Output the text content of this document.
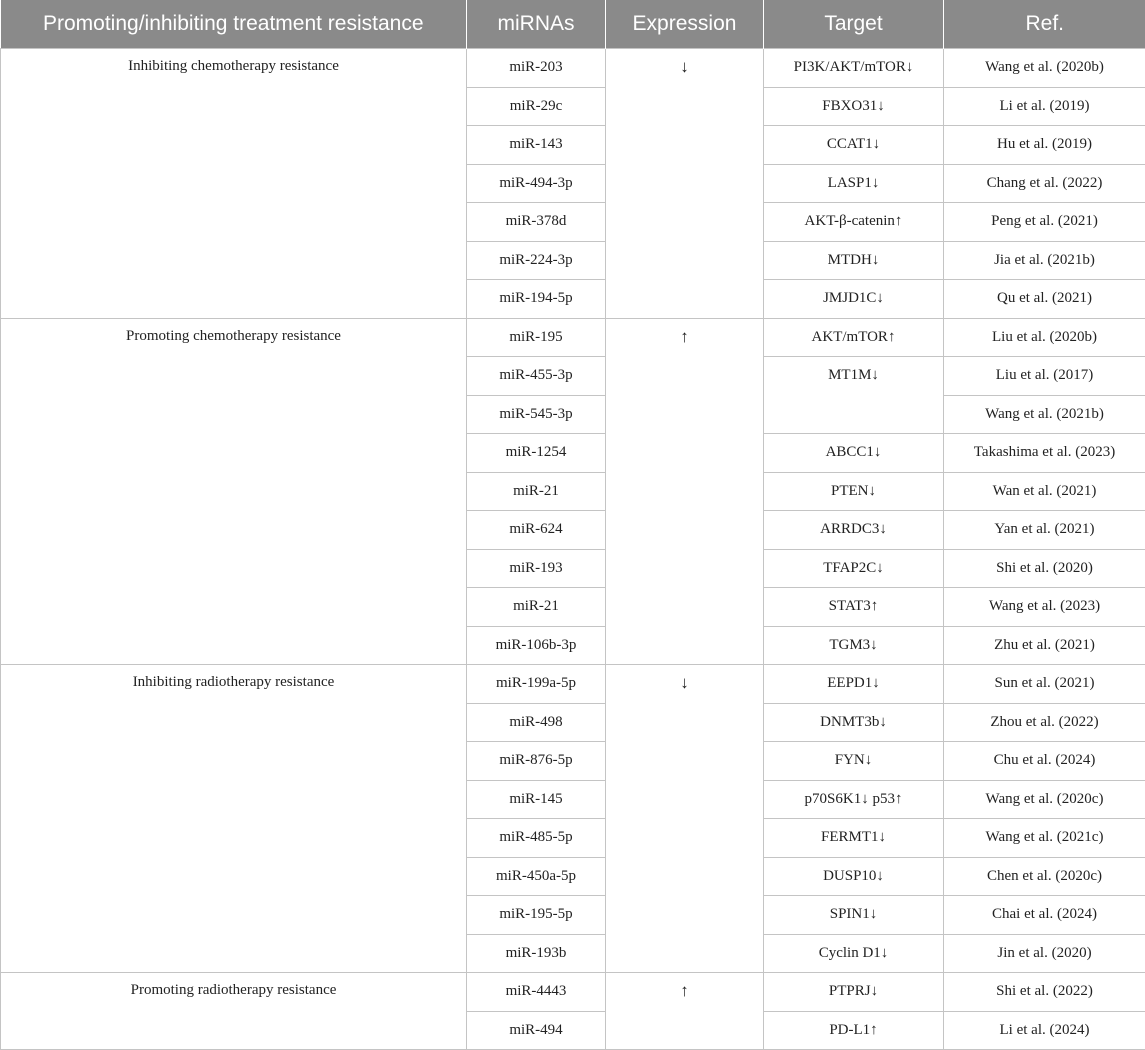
Promoting/inhibiting treatment resistance	miRNAs	Expression	Target	Ref.
Inhibiting chemotherapy resistance	miR-203	↓	PI3K/AKT/mTOR↓	Wang et al. (2020b)
	miR-29c		FBXO31↓	Li et al. (2019)
	miR-143		CCAT1↓	Hu et al. (2019)
	miR-494-3p		LASP1↓	Chang et al. (2022)
	miR-378d		AKT-β-catenin↑	Peng et al. (2021)
	miR-224-3p		MTDH↓	Jia et al. (2021b)
	miR-194-5p		JMJD1C↓	Qu et al. (2021)
Promoting chemotherapy resistance	miR-195	↑	AKT/mTOR↑	Liu et al. (2020b)
	miR-455-3p		MT1M↓	Liu et al. (2017)
	miR-545-3p			Wang et al. (2021b)
	miR-1254		ABCC1↓	Takashima et al. (2023)
	miR-21		PTEN↓	Wan et al. (2021)
	miR-624		ARRDC3↓	Yan et al. (2021)
	miR-193		TFAP2C↓	Shi et al. (2020)
	miR-21		STAT3↑	Wang et al. (2023)
	miR-106b-3p		TGM3↓	Zhu et al. (2021)
Inhibiting radiotherapy resistance	miR-199a-5p	↓	EEPD1↓	Sun et al. (2021)
	miR-498		DNMT3b↓	Zhou et al. (2022)
	miR-876-5p		FYN↓	Chu et al. (2024)
	miR-145		p70S6K1↓ p53↑	Wang et al. (2020c)
	miR-485-5p		FERMT1↓	Wang et al. (2021c)
	miR-450a-5p		DUSP10↓	Chen et al. (2020c)
	miR-195-5p		SPIN1↓	Chai et al. (2024)
	miR-193b		Cyclin D1↓	Jin et al. (2020)
Promoting radiotherapy resistance	miR-4443	↑	PTPRJ↓	Shi et al. (2022)
	miR-494		PD-L1↑	Li et al. (2024)
